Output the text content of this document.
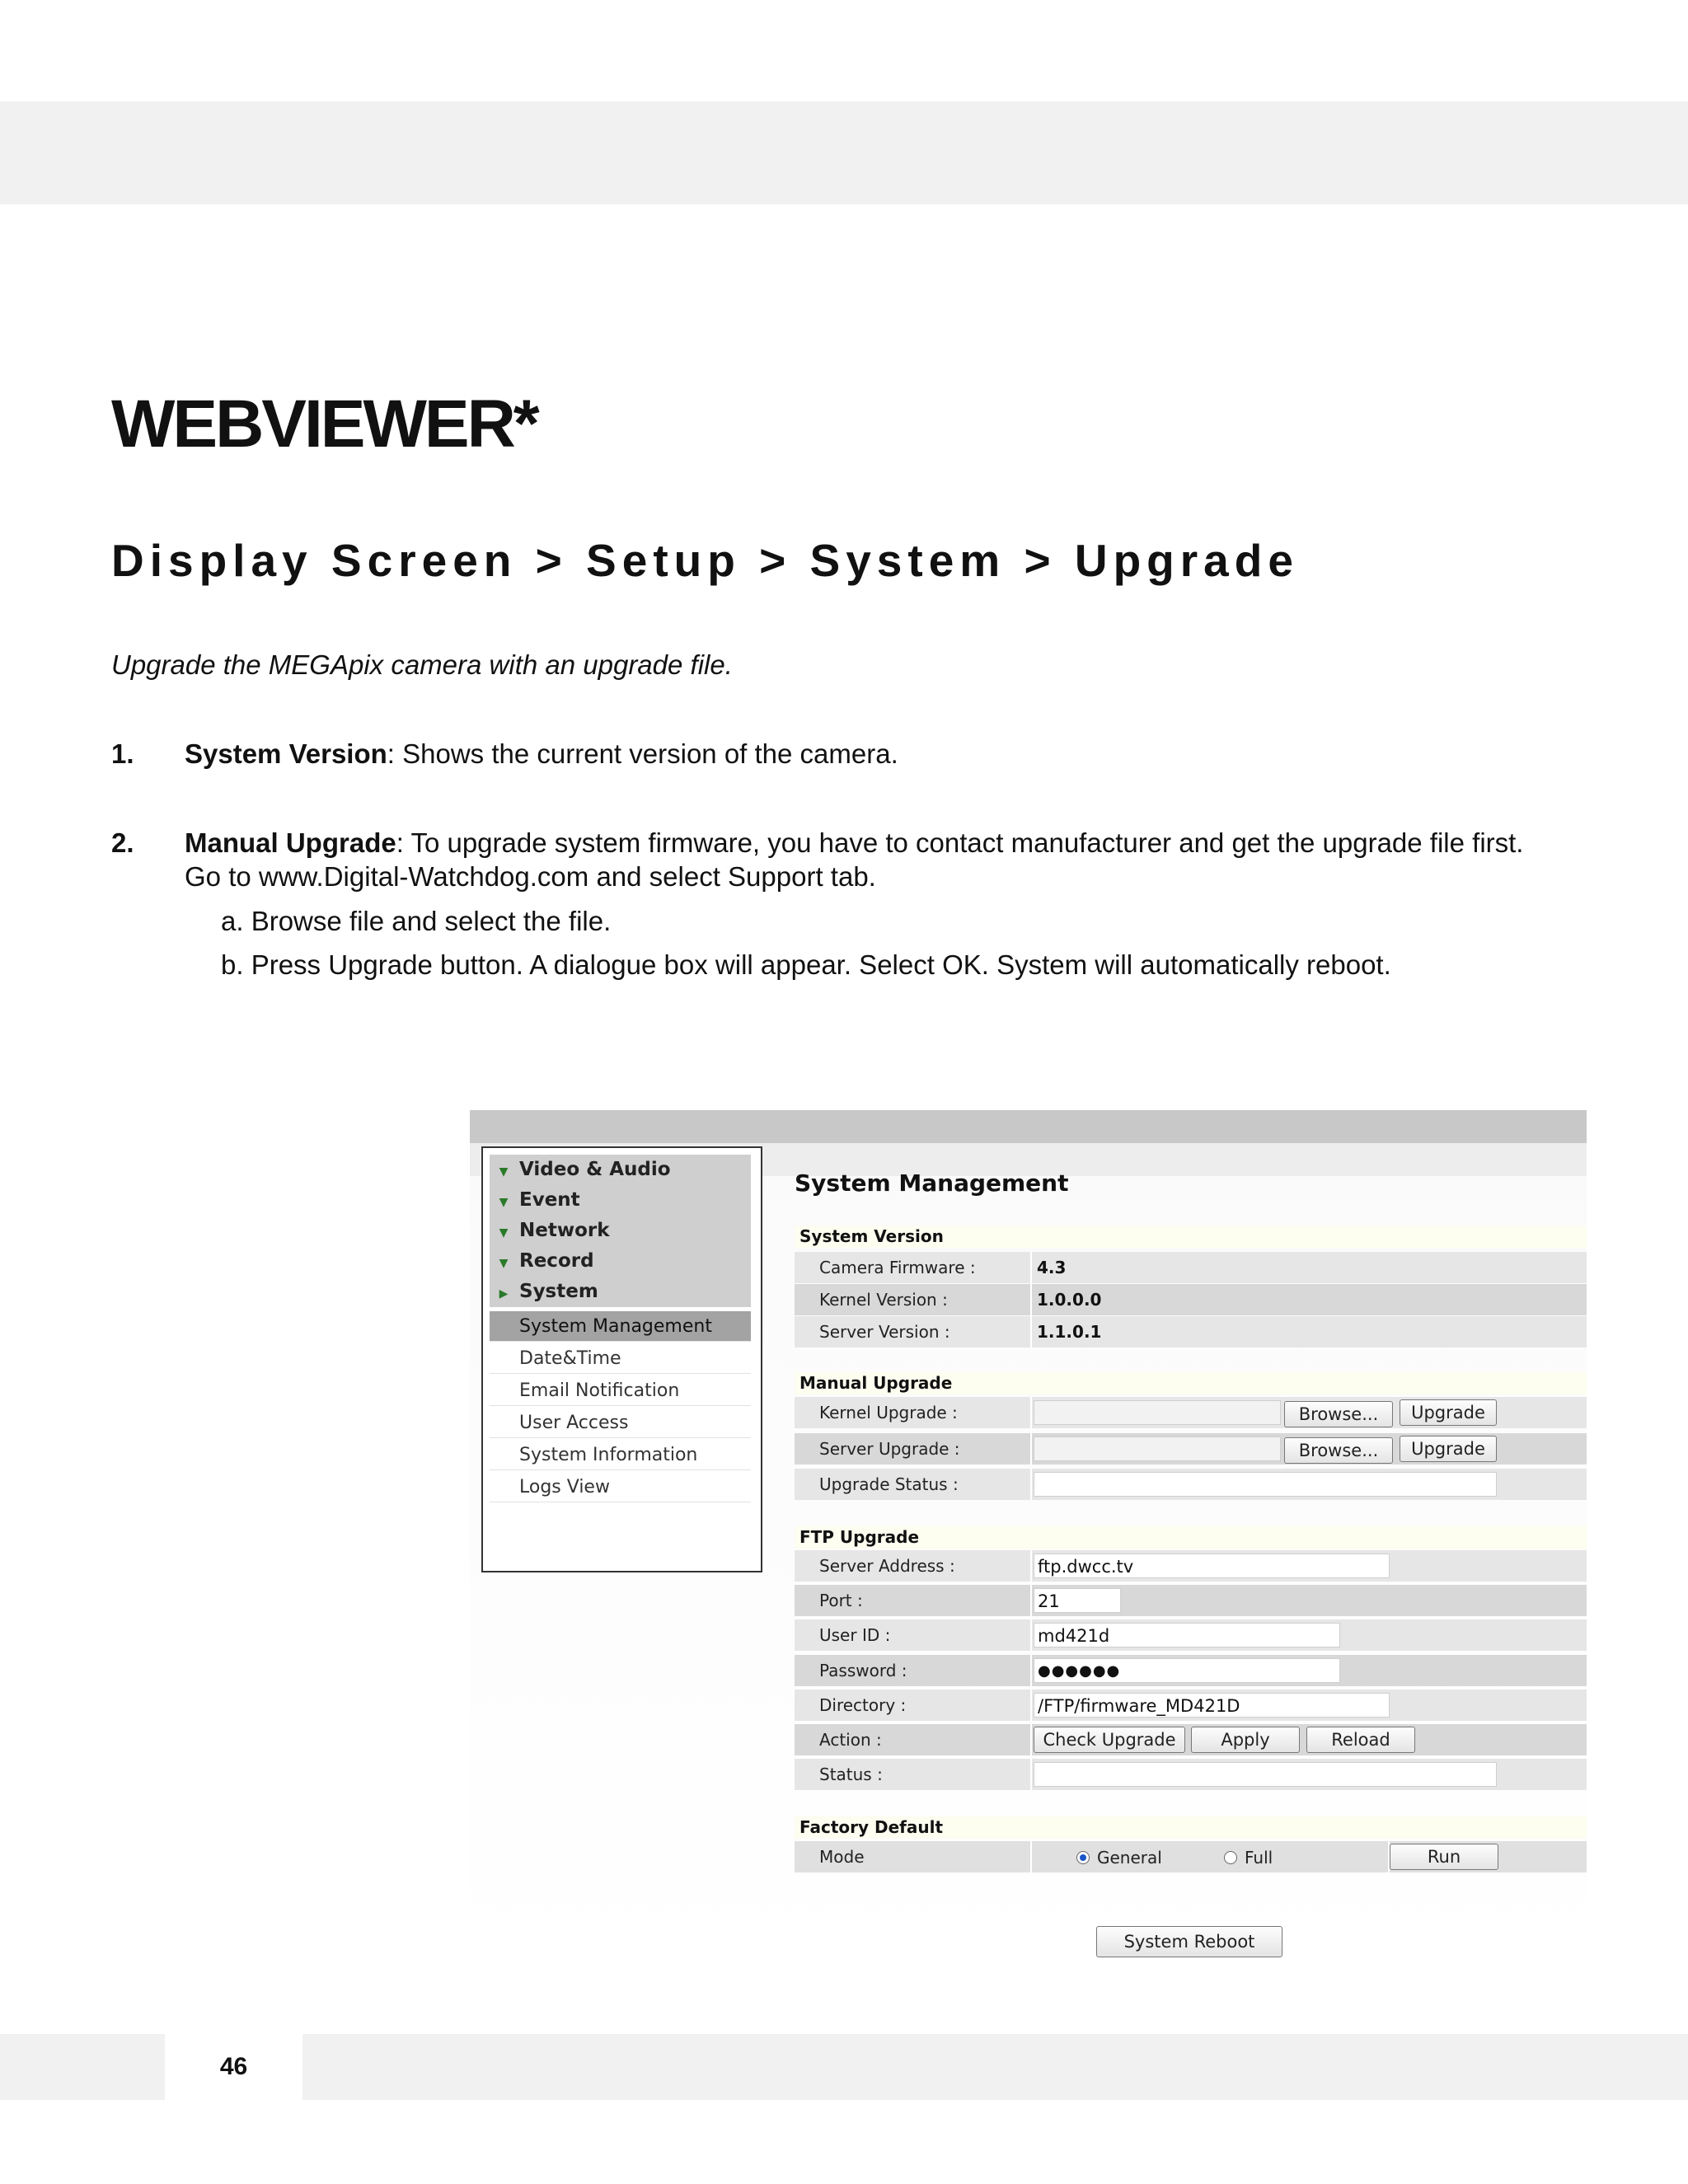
WEBVIEWER*
Display Screen > Setup > System > Upgrade

Upgrade the MEGApix camera with an upgrade file.

1. System Version: Shows the current version of the camera.

2. Manual Upgrade: To upgrade system firmware, you have to contact manufacturer and get the upgrade file first.

Go to www.Digital-Watchdog.com and select Support tab.

a. Browse file and select the file.

b. Press Upgrade button. A dialogue box will appear. Select OK. System will automatically reboot.

▼ Video & Audio
▼ Event
▼ Network
▼ Record
▶ System
System Management
Date&Time
Email Notification
User Access
System Information
Logs View
System Management
System Version
Camera Firmware :	4.3
Kernel Version :	1.0.0.0
Server Version :	1.1.0.1
Manual Upgrade
Kernel Upgrade :	Browse...	Upgrade
Server Upgrade :	Browse...	Upgrade
Upgrade Status :
FTP Upgrade
Server Address :	ftp.dwcc.tv
Port :	21
User ID :	md421d
Password :	●●●●●●
Directory :	/FTP/firmware_MD421D
Action :	Check Upgrade	Apply	Reload
Status :
Factory Default
Mode	General	Full	Run
System Reboot
46
